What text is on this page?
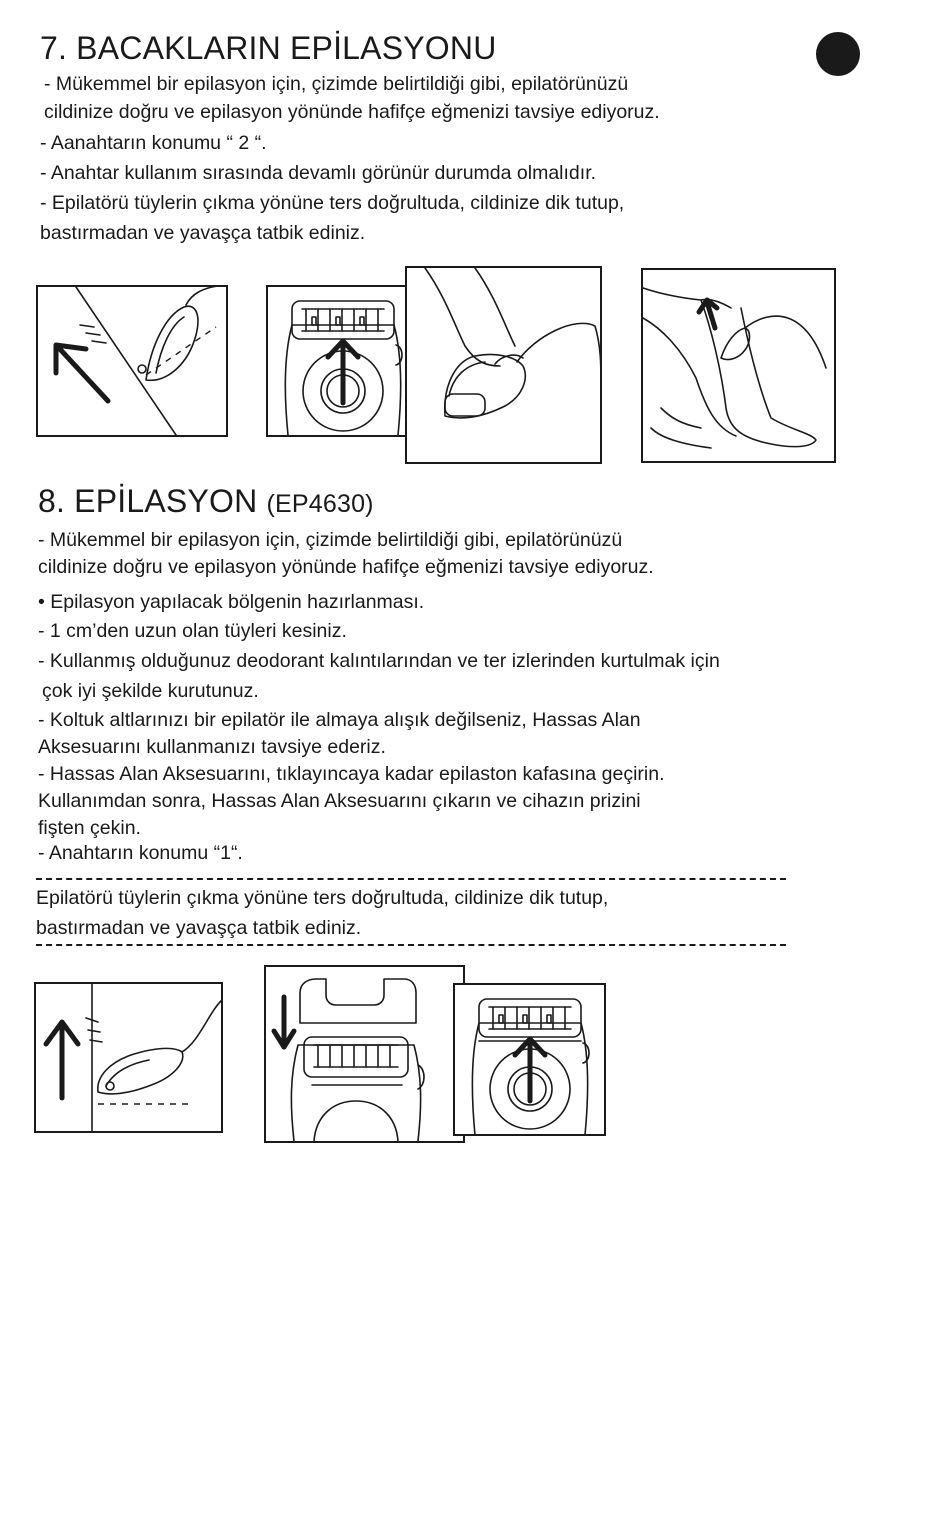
7. BACAKLARIN EPİLASYONU
- Mükemmel bir epilasyon için, çizimde belirtildiği gibi, epilatörünüzü
cildinize doğru ve epilasyon yönünde hafifçe eğmenizi tavsiye ediyoruz.
- Aanahtarın konumu “ 2 “.
- Anahtar kullanım sırasında devamlı görünür durumda olmalıdır.
- Epilatörü tüylerin çıkma yönüne ters doğrultuda, cildinize dik tutup,
bastırmadan ve yavaşça tatbik ediniz.
8. EPİLASYON (EP4630)
- Mükemmel bir epilasyon için, çizimde belirtildiği gibi, epilatörünüzü
cildinize doğru ve epilasyon yönünde hafifçe eğmenizi tavsiye ediyoruz.
• Epilasyon yapılacak bölgenin hazırlanması.
- 1 cm’den uzun olan tüyleri kesiniz.
- Kullanmış olduğunuz deodorant kalıntılarından ve ter izlerinden kurtulmak için
çok iyi şekilde kurutunuz.
- Koltuk altlarınızı bir epilatör ile almaya alışık değilseniz, Hassas Alan
Aksesuarını kullanmanızı tavsiye ederiz.
- Hassas Alan Aksesuarını, tıklayıncaya kadar epilaston kafasına geçirin.
Kullanımdan sonra, Hassas Alan Aksesuarını çıkarın ve cihazın prizini
fişten çekin.
- Anahtarın konumu “1“.
Epilatörü tüylerin çıkma yönüne ters doğrultuda, cildinize dik tutup,
bastırmadan ve yavaşça tatbik ediniz.
